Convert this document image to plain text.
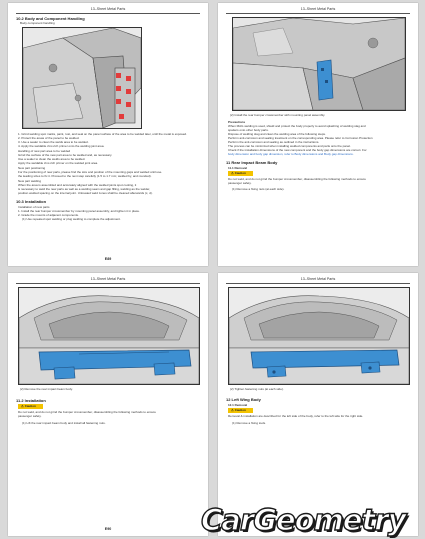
13–Sheet Metal Parts
10.2 Body and Component Handling
Body component handling
1. Grind welding spot marks, paint, rust, and seal on the panel surface of the area to be welded later, until the metal is exposed.
2. Protect the areas of the panel to be welded.
3. Use a sealer to clean the welds area to be welded.
4. Apply the weldable zinc-rich primer onto the welding joint area.
Handling of new part area to be welded
Grind the surface of the new part area to be welded and, as necessary.
Use a sealer to clean the welds area to be welded.
Apply the weldable zinc-rich primer on the welded joint area.
New part positioning
For the positioning of new parts, please find the size and position of the mounting gaps and welded until use.
the leading sizes to fix it. Proceed to the next step carefully (1.5 to 1.7 mm; welded by, and rounded).
New part welding
When the area is assembled and accurately aligned with the welded joints spot cooling, it
is necessary to weld the new parts as well as a welding seam and gap filling, welding as the welder,
position welded spacing on the internal joint. Untreated weld zones shall be cleaned afterwards (c, d).
10.3 Installation
Installation of new parts
1. Install the rear bumper crossmember by mounting panel assembly, and tighten it in place.
2. Grade the mounts of adjacent components.
(1) Use repeated spot welding or plug welding to complete the adjustment.
E89
13–Sheet Metal Parts
(2) Install the rear bumper crossmember with mounting panel assembly.
Precautions
When MAG welding is used, shield and protect the body properly to avoid splashing of welding slag and
spatters onto other body parts.
Dispose of welding slag and clean the welding area of the following steps.
Perform anti-corrosion and sealing treatment on the corresponding area. Please refer to Corrosion Protection
Perform the anti-corrosion and sealing as outlined in the instructions.
The process can be minimized when installing welded components and parts onto the panel.
Check if the installation dimensions of the new component and the body gap dimensions are correct. For
body dimension and body gap dimension, refer to Body dimensions and Body gap dimensions.
11 Rear Impact Beam Body
11.1 Removal
⚠ Caution
Do not weld, and do not grind the bumper crossmember, disassembling the following methods to ensure
passenger safety.
(1) Remove a fixing nuts (at each side).
13–Sheet Metal Parts
(2) Remove the rear impact beam body.
11.2 Installation
⚠ Caution
Do not weld, and do not grind the bumper crossmember, disassembling the following methods to ensure
passenger safety.
(1) Lift the rear impact beam body and install all fastening nuts.
E90
13–Sheet Metal Parts
(2) Tighten fastening nuts (at each side).
12 Left Wing Body
12.1 Removal
⚠ Caution
Removal & installation are described for the left side of the body, refer to the left side for the right side.
(1) Remove a fixing tools.
CarGeometry
